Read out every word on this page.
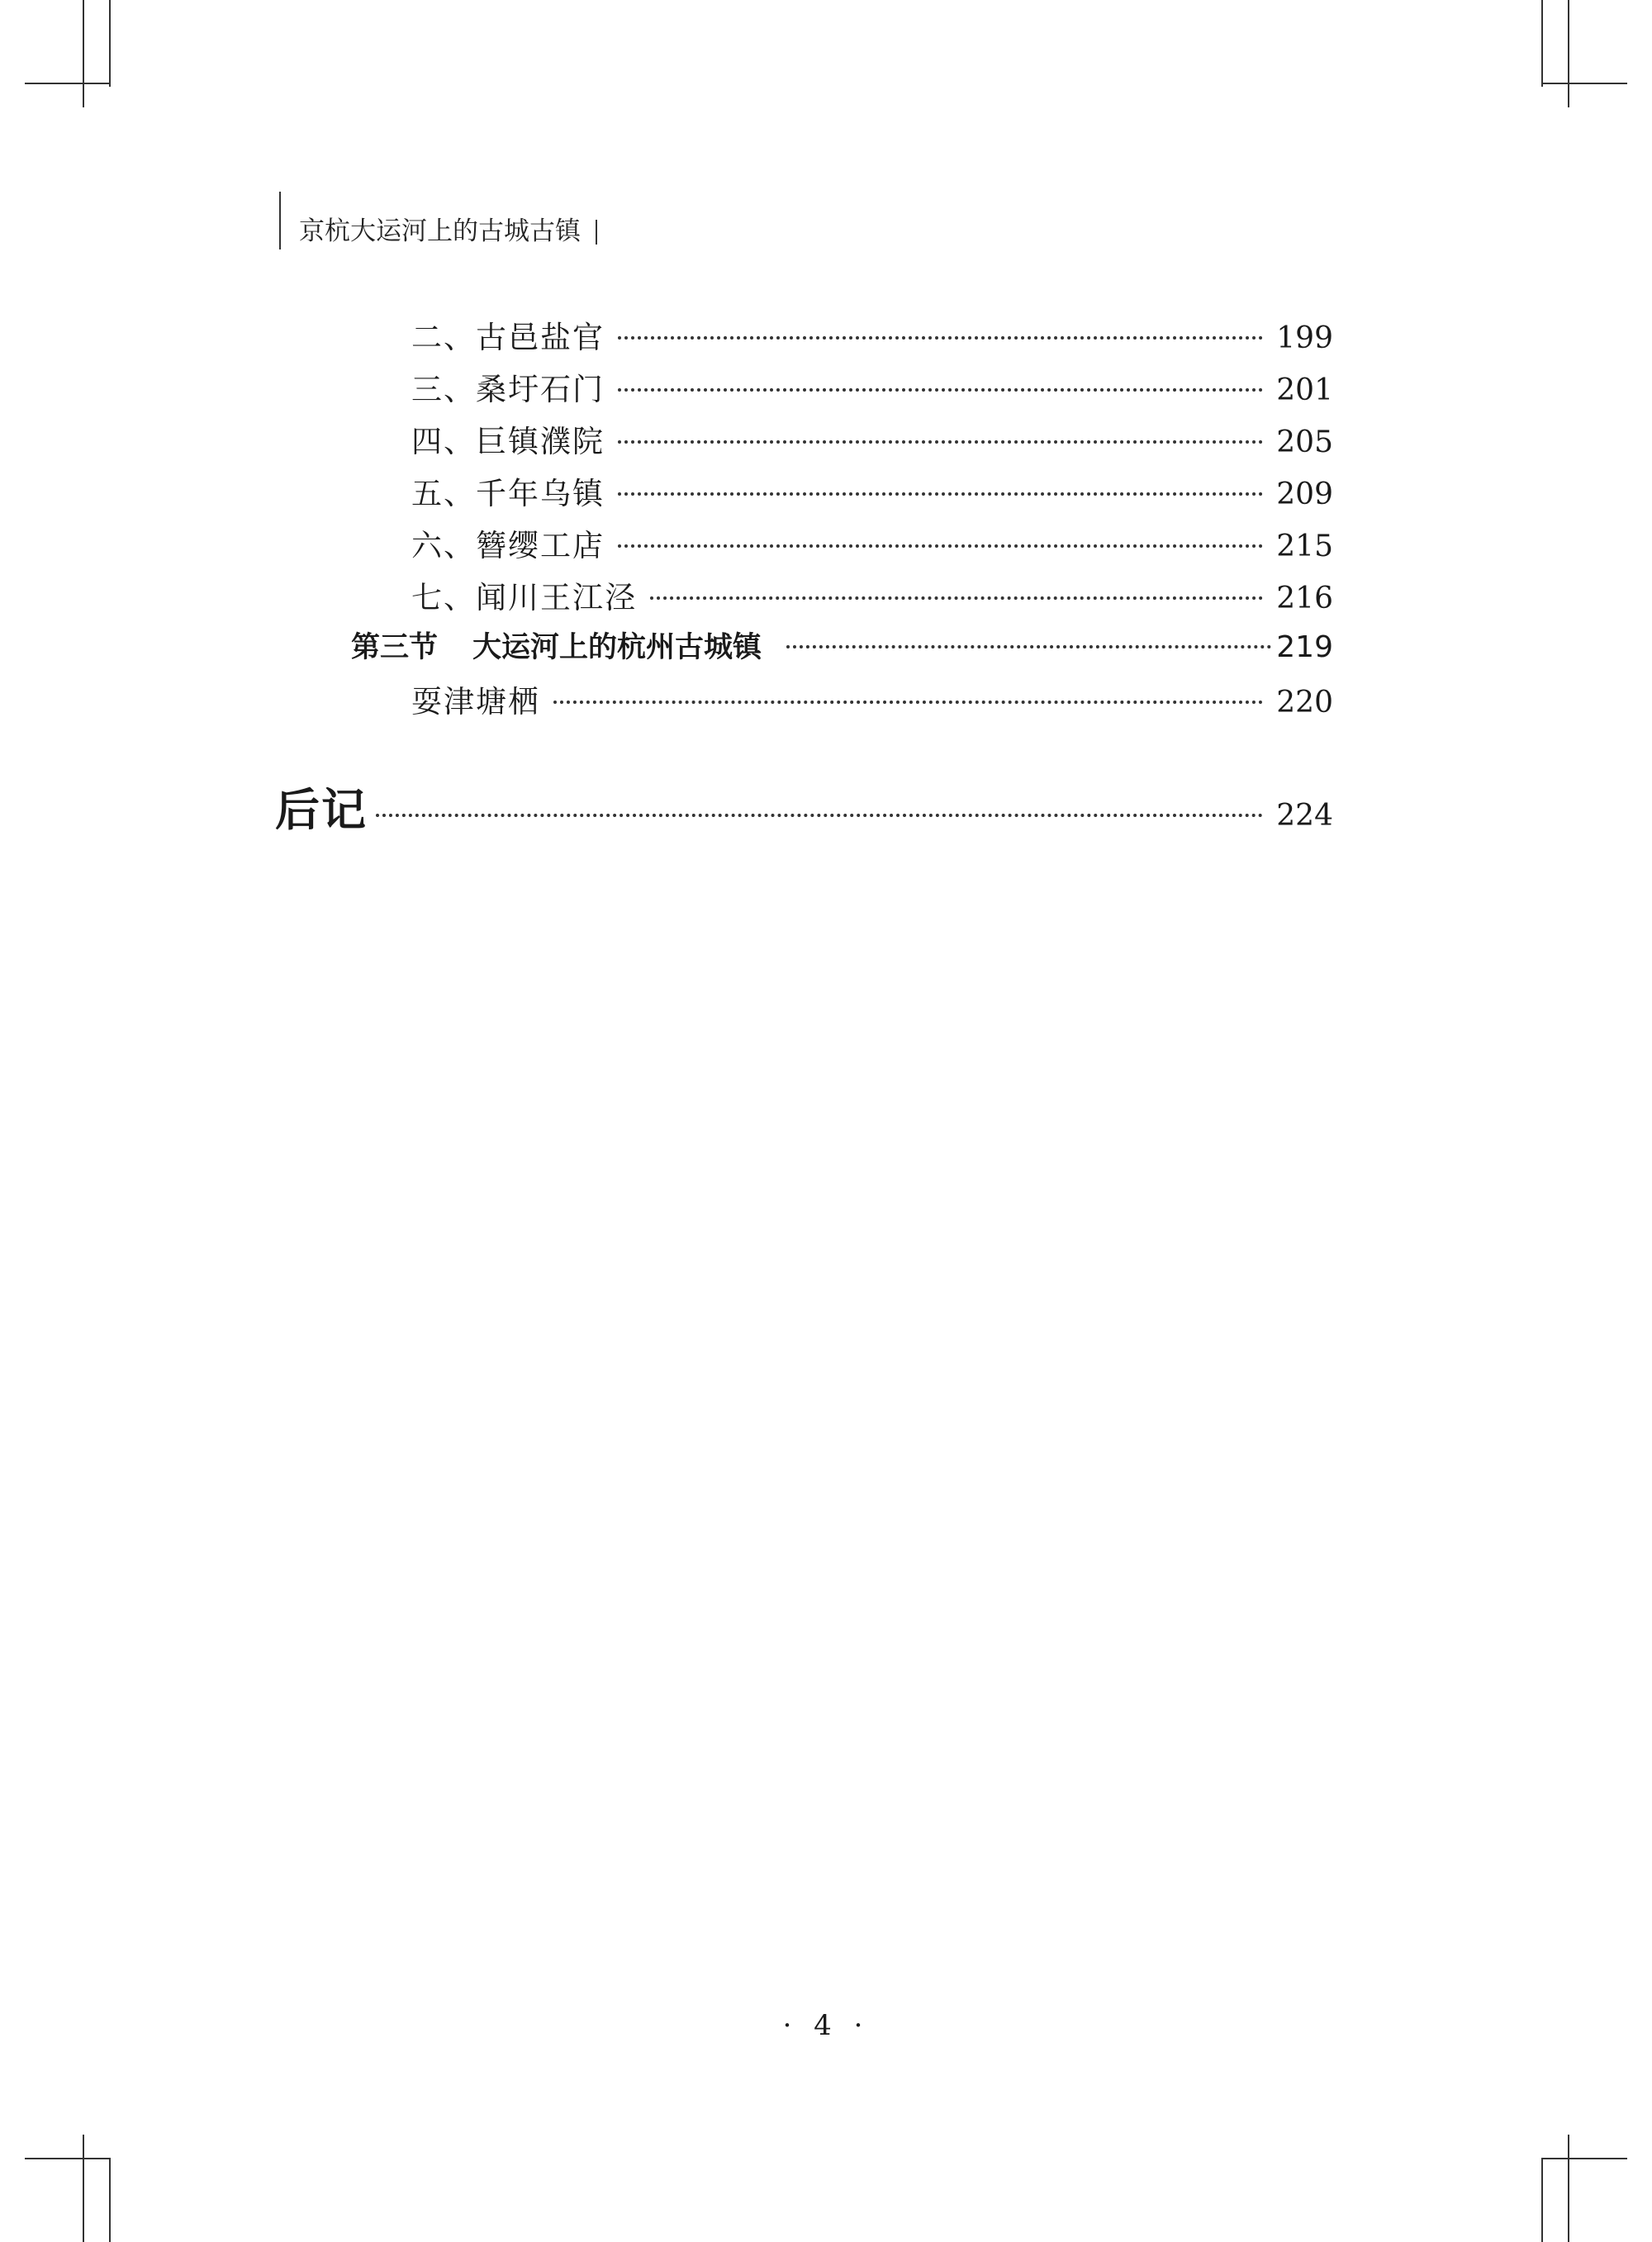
京杭大运河上的古城古镇
二、古邑盐官	199
三、桑圩石门	201
四、巨镇濮院	205
五、千年乌镇	209
六、簪缨工店	215
七、闻川王江泾	216
第三节 大运河上的杭州古城镇	219
耍津塘栖	220
后记	224
· 4 ·
